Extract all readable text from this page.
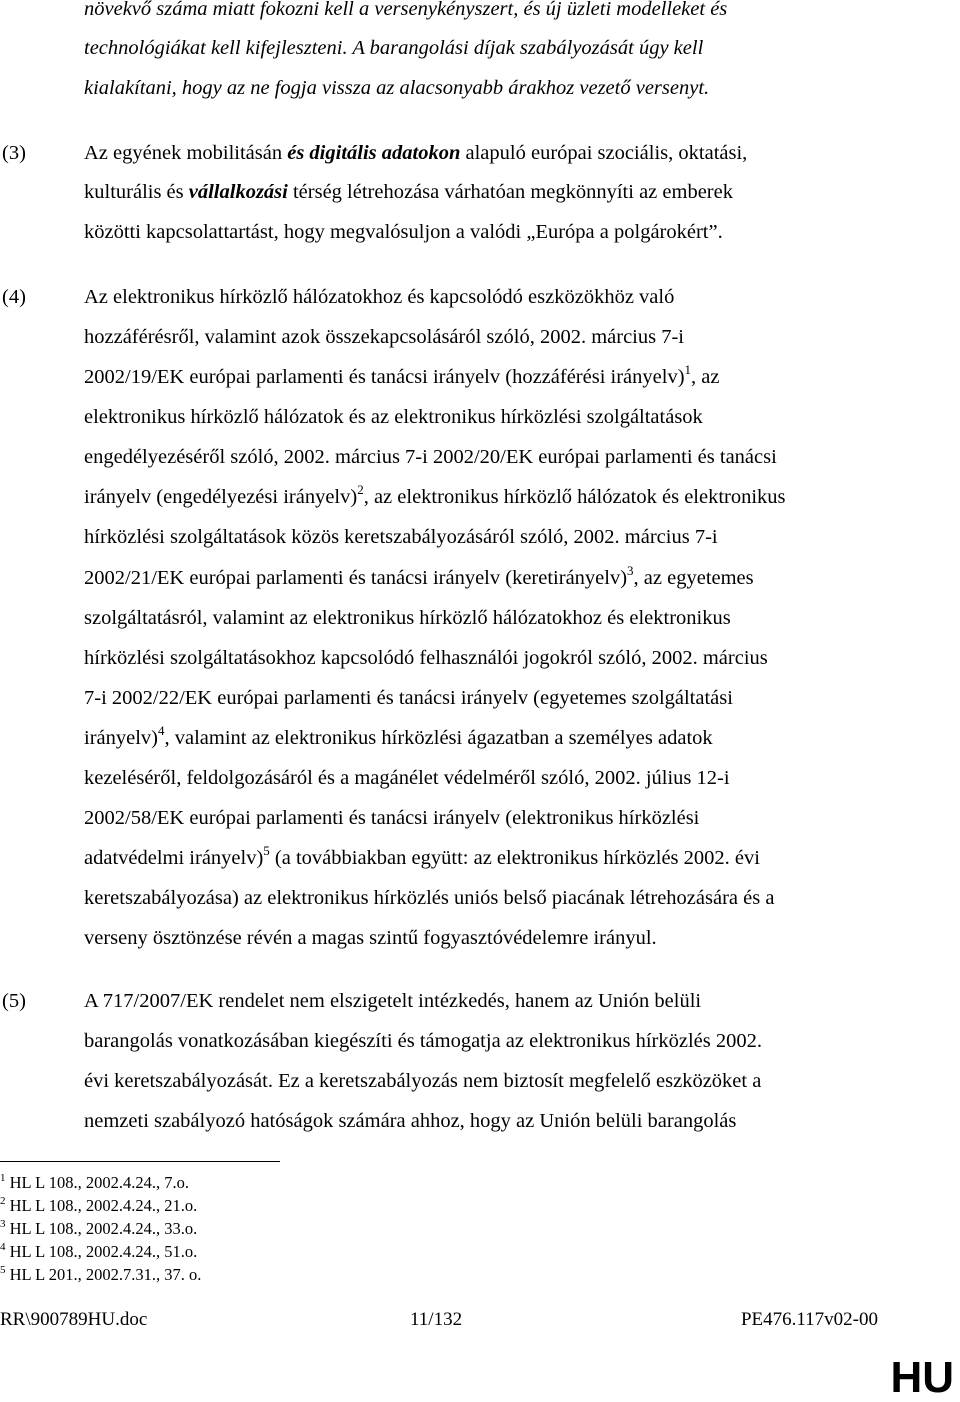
növekvő száma miatt fokozni kell a versenykényszert, és új üzleti modelleket és
technológiákat kell kifejleszteni. A barangolási díjak szabályozását úgy kell
kialakítani, hogy az ne fogja vissza az alacsonyabb árakhoz vezető versenyt.
(3)	Az egyének mobilitásán és digitális adatokon alapuló európai szociális, oktatási,
kulturális és vállalkozási térség létrehozása várhatóan megkönnyíti az emberek
közötti kapcsolattartást, hogy megvalósuljon a valódi „Európa a polgárokért”.
(4)	Az elektronikus hírközlő hálózatokhoz és kapcsolódó eszközökhöz való
hozzáférésről, valamint azok összekapcsolásáról szóló, 2002. március 7-i
2002/19/EK európai parlamenti és tanácsi irányelv (hozzáférési irányelv)$^1$, az
elektronikus hírközlő hálózatok és az elektronikus hírközlési szolgáltatások
engedélyezéséről szóló, 2002. március 7-i 2002/20/EK európai parlamenti és tanácsi
irányelv (engedélyezési irányelv)$^2$, az elektronikus hírközlő hálózatok és elektronikus
hírközlési szolgáltatások közös keretszabályozásáról szóló, 2002. március 7-i
2002/21/EK európai parlamenti és tanácsi irányelv (keretirányelv)$^3$, az egyetemes
szolgáltatásról, valamint az elektronikus hírközlő hálózatokhoz és elektronikus
hírközlési szolgáltatásokhoz kapcsolódó felhasználói jogokról szóló, 2002. március
7-i 2002/22/EK európai parlamenti és tanácsi irányelv (egyetemes szolgáltatási
irányelv)$^4$, valamint az elektronikus hírközlési ágazatban a személyes adatok
kezeléséről, feldolgozásáról és a magánélet védelméről szóló, 2002. július 12-i
2002/58/EK európai parlamenti és tanácsi irányelv (elektronikus hírközlési
adatvédelmi irányelv)$^5$ (a továbbiakban együtt: az elektronikus hírközlés 2002. évi
keretszabályozása) az elektronikus hírközlés uniós belső piacának létrehozására és a
verseny ösztönzése révén a magas szintű fogyasztóvédelemre irányul.
(5)	A 717/2007/EK rendelet nem elszigetelt intézkedés, hanem az Unión belüli
barangolás vonatkozásában kiegészíti és támogatja az elektronikus hírközlés 2002.
évi keretszabályozását. Ez a keretszabályozás nem biztosít megfelelő eszközöket a
nemzeti szabályozó hatóságok számára ahhoz, hogy az Unión belüli barangolás
$^1$ HL L 108., 2002.4.24., 7.o.
$^2$ HL L 108., 2002.4.24., 21.o.
$^3$ HL L 108., 2002.4.24., 33.o.
$^4$ HL L 108., 2002.4.24., 51.o.
$^5$ HL L 201., 2002.7.31., 37. o.
RR\900789HU.doc	11/132	PE476.117v02-00
HU
